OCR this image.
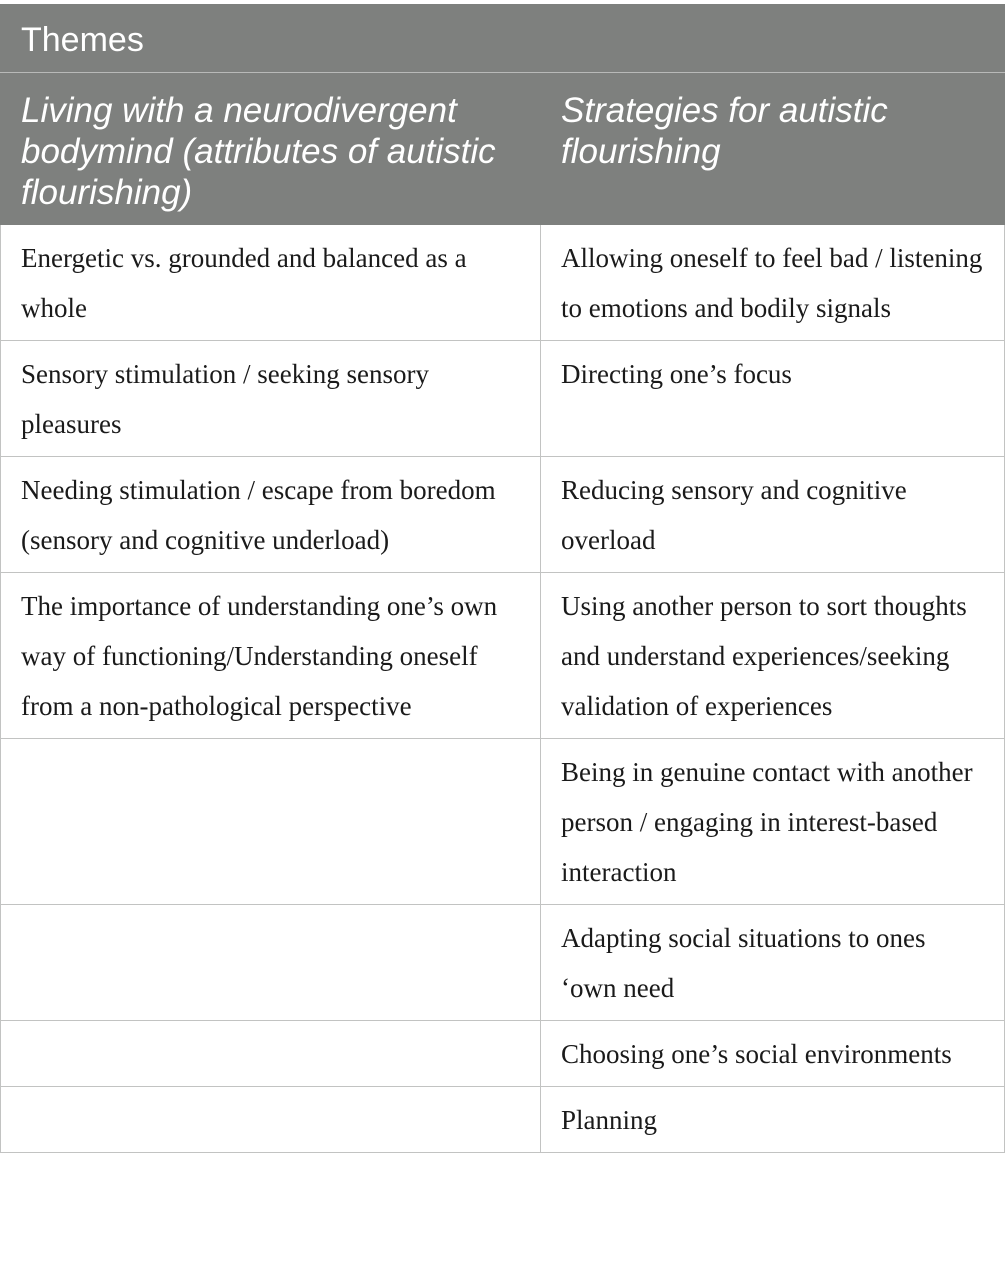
Themes	
Living with a neurodivergent bodymind (attributes of autistic flourishing)	Strategies for autistic flourishing
Energetic vs. grounded and balanced as a whole	Allowing oneself to feel bad / listening to emotions and bodily signals
Sensory stimulation / seeking sensory pleasures	Directing one’s focus
Needing stimulation / escape from boredom (sensory and cognitive underload)	Reducing sensory and cognitive overload
The importance of understanding one’s own way of functioning/Understanding oneself from a non-pathological perspective	Using another person to sort thoughts and understand experiences/seeking validation of experiences
	Being in genuine contact with another person / engaging in interest-based interaction
	Adapting social situations to ones ‘own need
	Choosing one’s social environments
	Planning
